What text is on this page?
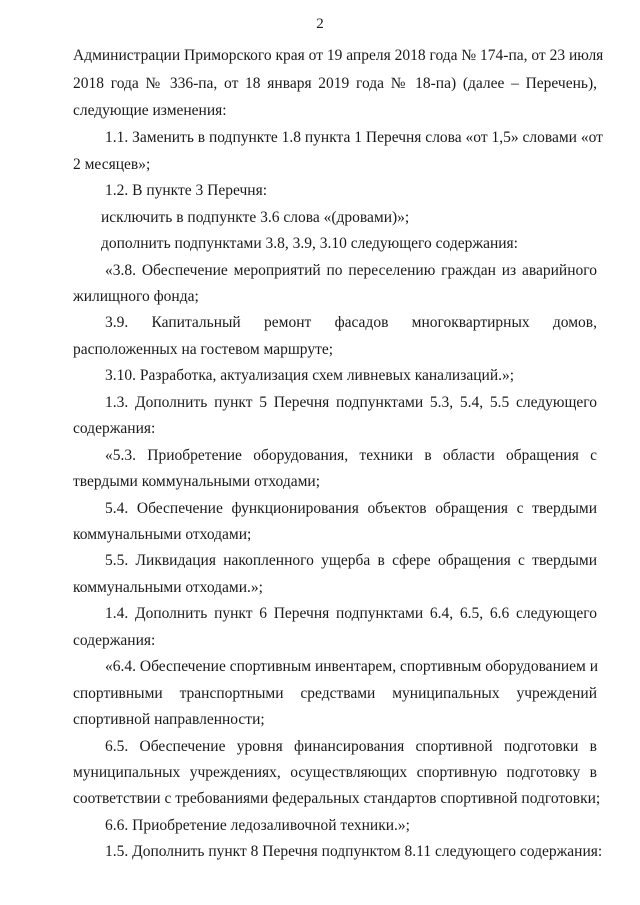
2
Администрации Приморского края от 19 апреля 2018 года № 174-па, от 23 июля
2018 года № 336-па, от 18 января 2019 года № 18-па) (далее – Перечень),
следующие изменения:
1.1. Заменить в подпункте 1.8 пункта 1 Перечня слова «от 1,5» словами «от
2 месяцев»;
1.2. В пункте 3 Перечня:
исключить в подпункте 3.6 слова «(дровами)»;
дополнить подпунктами 3.8, 3.9, 3.10 следующего содержания:
«3.8. Обеспечение мероприятий по переселению граждан из аварийного
жилищного фонда;
3.9. Капитальный ремонт фасадов многоквартирных домов,
расположенных на гостевом маршруте;
3.10. Разработка, актуализация схем ливневых канализаций.»;
1.3. Дополнить пункт 5 Перечня подпунктами 5.3, 5.4, 5.5 следующего
содержания:
«5.3. Приобретение оборудования, техники в области обращения с
твердыми коммунальными отходами;
5.4. Обеспечение функционирования объектов обращения с твердыми
коммунальными отходами;
5.5. Ликвидация накопленного ущерба в сфере обращения с твердыми
коммунальными отходами.»;
1.4. Дополнить пункт 6 Перечня подпунктами 6.4, 6.5, 6.6 следующего
содержания:
«6.4. Обеспечение спортивным инвентарем, спортивным оборудованием и
спортивными транспортными средствами муниципальных учреждений
спортивной направленности;
6.5. Обеспечение уровня финансирования спортивной подготовки в
муниципальных учреждениях, осуществляющих спортивную подготовку в
соответствии с требованиями федеральных стандартов спортивной подготовки;
6.6. Приобретение ледозаливочной техники.»;
1.5. Дополнить пункт 8 Перечня подпунктом 8.11 следующего содержания:
